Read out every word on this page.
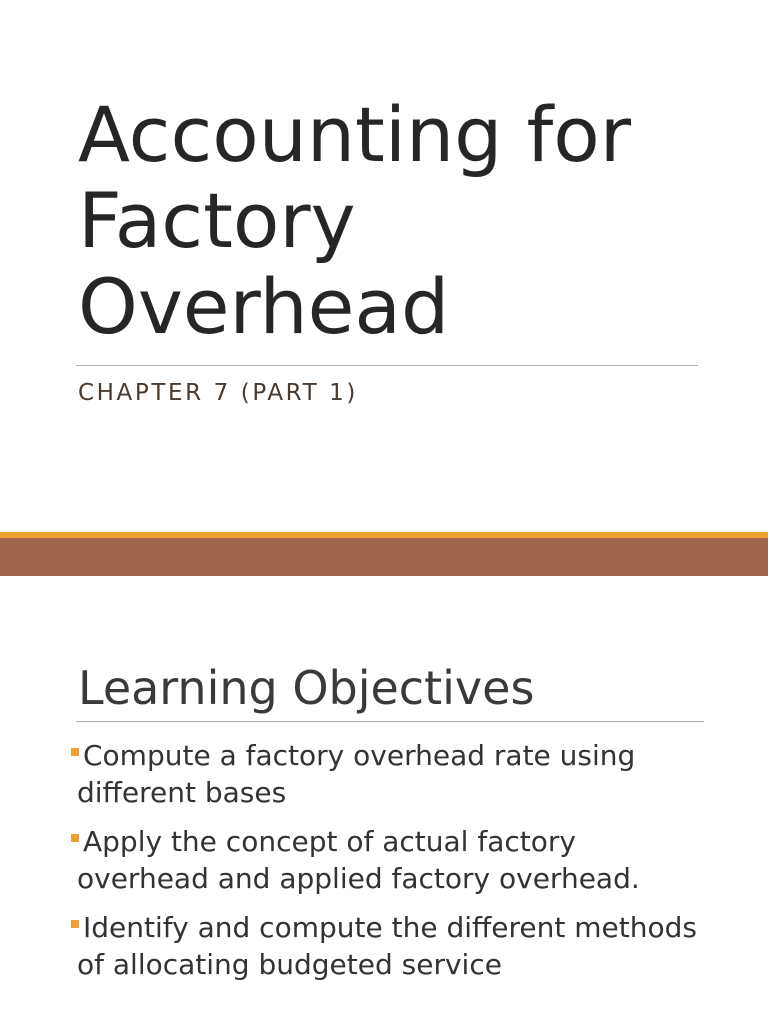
Accounting for
Factory
Overhead

CHAPTER 7 (PART 1)

Learning Objectives
Compute a factory overhead rate using different bases
Apply the concept of actual factory overhead and applied factory overhead.
Identify and compute the different methods of allocating budgeted service
